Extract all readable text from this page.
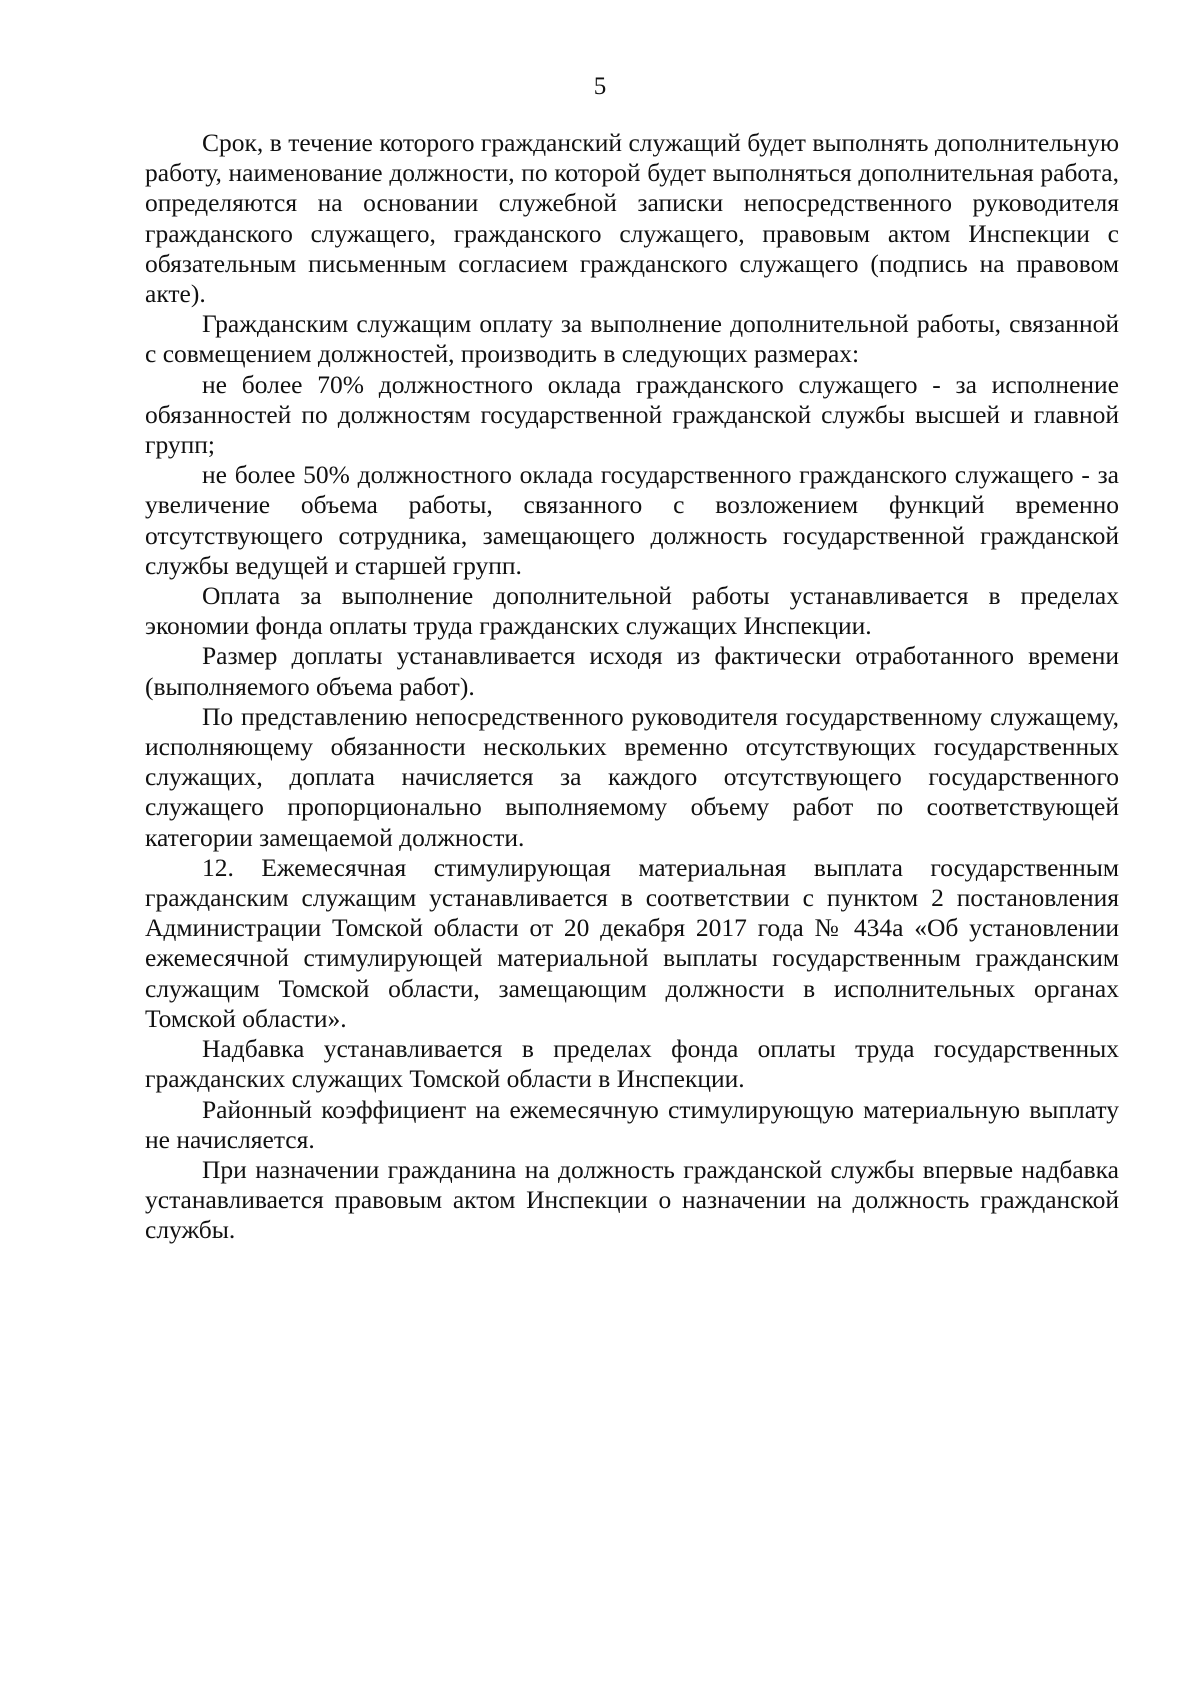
5

Срок, в течение которого гражданский служащий будет выполнять дополнительную работу, наименование должности, по которой будет выполняться дополнительная работа, определяются на основании служебной записки непосредственного руководителя гражданского служащего, гражданского служащего, правовым актом Инспекции с обязательным письменным согласием гражданского служащего (подпись на правовом акте).

Гражданским служащим оплату за выполнение дополнительной работы, связанной с совмещением должностей, производить в следующих размерах:

не более 70% должностного оклада гражданского служащего - за исполнение обязанностей по должностям государственной гражданской службы высшей и главной групп;

не более 50% должностного оклада государственного гражданского служащего - за увеличение объема работы, связанного с возложением функций временно отсутствующего сотрудника, замещающего должность государственной гражданской службы ведущей и старшей групп.

Оплата за выполнение дополнительной работы устанавливается в пределах экономии фонда оплаты труда гражданских служащих Инспекции.

Размер доплаты устанавливается исходя из фактически отработанного времени (выполняемого объема работ).

По представлению непосредственного руководителя государственному служащему, исполняющему обязанности нескольких временно отсутствующих государственных служащих, доплата начисляется за каждого отсутствующего государственного служащего пропорционально выполняемому объему работ по соответствующей категории замещаемой должности.

12. Ежемесячная стимулирующая материальная выплата государственным гражданским служащим устанавливается в соответствии с пунктом 2 постановления Администрации Томской области от 20 декабря 2017 года № 434а «Об установлении ежемесячной стимулирующей материальной выплаты государственным гражданским служащим Томской области, замещающим должности в исполнительных органах Томской области».

Надбавка устанавливается в пределах фонда оплаты труда государственных гражданских служащих Томской области в Инспекции.

Районный коэффициент на ежемесячную стимулирующую материальную выплату не начисляется.

При назначении гражданина на должность гражданской службы впервые надбавка устанавливается правовым актом Инспекции о назначении на должность гражданской службы.
